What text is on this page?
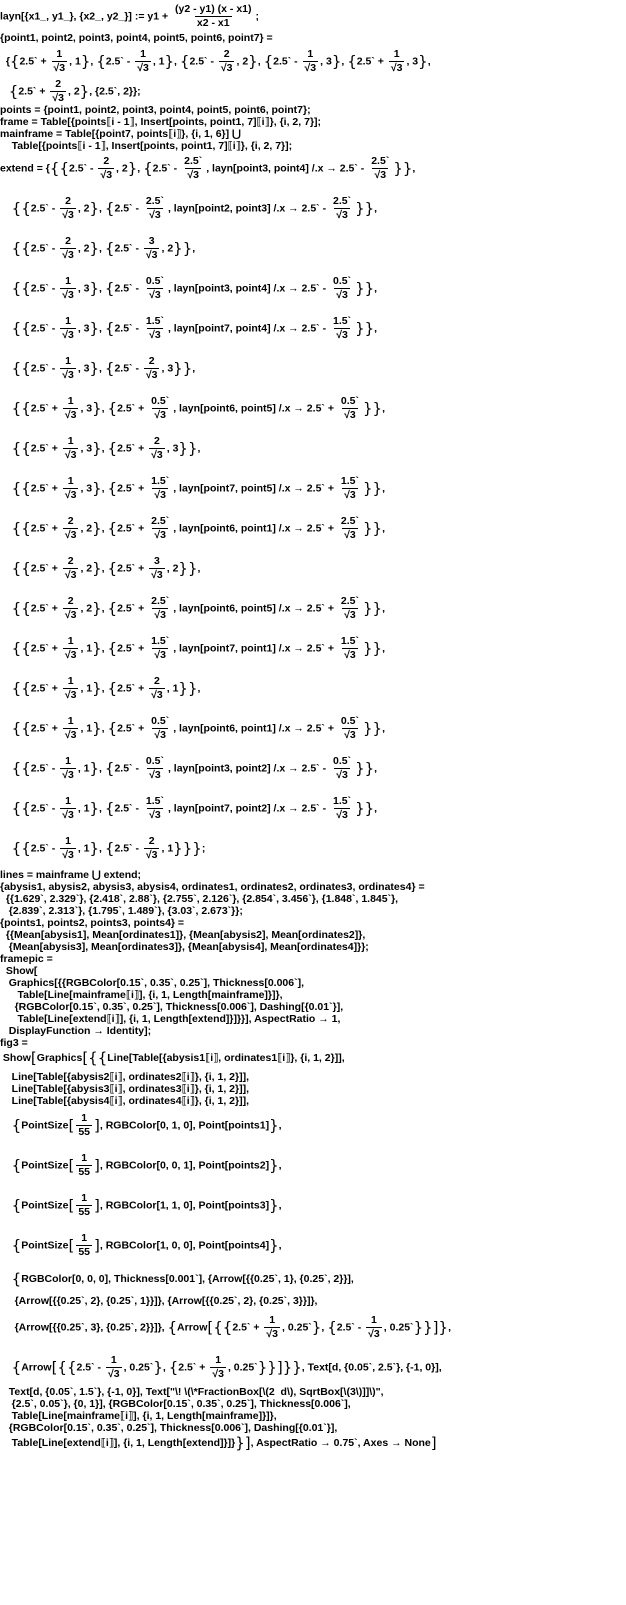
layn[{x1_, y1_}, {x2_, y2_}] := $y1 + \frac{(y2 - y1) (x - x1)}{x2 - x1}$ ;
{point1, point2, point3, point4, point5, point6, point7} =
{{2.5` + $\frac{1}{√3}$ , 1}, {2.5` - $\frac{1}{√3}$ , 1}, {2.5` - $\frac{2}{√3}$ , 2}, {2.5` - $\frac{1}{√3}$ , 3}, {2.5` + $\frac{1}{√3}$ , 3},
{2.5` + $\frac{2}{√3}$ , 2}, {2.5`, 2}};
points = {point1, point2, point3, point4, point5, point6, point7};
frame = Table[{points⟦i - 1⟧, Insert[points, point1, 7]⟦i⟧}, {i, 2, 7}];
mainframe = Table[{point7, points⟦i⟧}, {i, 1, 6}] ⋃
Table[{points⟦i - 1⟧, Insert[points, point1, 7]⟦i⟧}, {i, 2, 7}];
extend = {{{2.5` - $\frac{2}{√3}$ , 2}, {2.5` - $\frac{2.5`}{√3}$ , layn[point3, point4] /.x → 2.5` - $\frac{2.5`}{√3}$ }},
{{2.5` - $\frac{2}{√3}$ , 2}, {2.5` - $\frac{2.5`}{√3}$ , layn[point2, point3] /.x → 2.5` - $\frac{2.5`}{√3}$ }},
{{2.5` - $\frac{2}{√3}$ , 2}, {2.5` - $\frac{3}{√3}$ , 2}},
{{2.5` - $\frac{1}{√3}$ , 3}, {2.5` - $\frac{0.5`}{√3}$ , layn[point3, point4] /.x → 2.5` - $\frac{0.5`}{√3}$ }},
{{2.5` - $\frac{1}{√3}$ , 3}, {2.5` - $\frac{1.5`}{√3}$ , layn[point7, point4] /.x → 2.5` - $\frac{1.5`}{√3}$ }},
{{2.5` - $\frac{1}{√3}$ , 3}, {2.5` - $\frac{2}{√3}$ , 3}},
{{2.5` + $\frac{1}{√3}$ , 3}, {2.5` + $\frac{0.5`}{√3}$ , layn[point6, point5] /.x → 2.5` + $\frac{0.5`}{√3}$ }},
{{2.5` + $\frac{1}{√3}$ , 3}, {2.5` + $\frac{2}{√3}$ , 3}},
{{2.5` + $\frac{1}{√3}$ , 3}, {2.5` + $\frac{1.5`}{√3}$ , layn[point7, point5] /.x → 2.5` + $\frac{1.5`}{√3}$ }},
{{2.5` + $\frac{2}{√3}$ , 2}, {2.5` + $\frac{2.5`}{√3}$ , layn[point6, point1] /.x → 2.5` + $\frac{2.5`}{√3}$ }},
{{2.5` + $\frac{2}{√3}$ , 2}, {2.5` + $\frac{3}{√3}$ , 2}},
{{2.5` + $\frac{2}{√3}$ , 2}, {2.5` + $\frac{2.5`}{√3}$ , layn[point6, point5] /.x → 2.5` + $\frac{2.5`}{√3}$ }},
{{2.5` + $\frac{1}{√3}$ , 1}, {2.5` + $\frac{1.5`}{√3}$ , layn[point7, point1] /.x → 2.5` + $\frac{1.5`}{√3}$ }},
{{2.5` + $\frac{1}{√3}$ , 1}, {2.5` + $\frac{2}{√3}$ , 1}},
{{2.5` + $\frac{1}{√3}$ , 1}, {2.5` + $\frac{0.5`}{√3}$ , layn[point6, point1] /.x → 2.5` + $\frac{0.5`}{√3}$ }},
{{2.5` - $\frac{1}{√3}$ , 1}, {2.5` - $\frac{0.5`}{√3}$ , layn[point3, point2] /.x → 2.5` - $\frac{0.5`}{√3}$ }},
{{2.5` - $\frac{1}{√3}$ , 1}, {2.5` - $\frac{1.5`}{√3}$ , layn[point7, point2] /.x → 2.5` - $\frac{1.5`}{√3}$ }},
{{2.5` - $\frac{1}{√3}$ , 1}, {2.5` - $\frac{2}{√3}$ , 1}}};
lines = mainframe ⋃ extend;
{abysis1, abysis2, abysis3, abysis4, ordinates1, ordinates2, ordinates3, ordinates4} =
{{1.629`, 2.329`}, {2.418`, 2.88`}, {2.755`, 2.126`}, {2.854`, 3.456`}, {1.848`, 1.845`},
{2.839`, 2.313`}, {1.795`, 1.489`}, {3.03`, 2.673`}};
{points1, points2, points3, points4} =
{{Mean[abysis1], Mean[ordinates1]}, {Mean[abysis2], Mean[ordinates2]},
{Mean[abysis3], Mean[ordinates3]}, {Mean[abysis4], Mean[ordinates4]}};
framepic =
Show[
Graphics[{{RGBColor[0.15`, 0.35`, 0.25`], Thickness[0.006`],
Table[Line[mainframe⟦i⟧], {i, 1, Length[mainframe]}]},
{RGBColor[0.15`, 0.35`, 0.25`], Thickness[0.006`], Dashing[{0.01`}],
Table[Line[extend⟦i⟧], {i, 1, Length[extend]}]}}], AspectRatio → 1,
DisplayFunction → Identity];
fig3 =
Show[Graphics[{{Line[Table[{abysis1⟦i⟧, ordinates1⟦i⟧}, {i, 1, 2}]],
Line[Table[{abysis2⟦i⟧, ordinates2⟦i⟧}, {i, 1, 2}]],
Line[Table[{abysis3⟦i⟧, ordinates3⟦i⟧}, {i, 1, 2}]],
Line[Table[{abysis4⟦i⟧, ordinates4⟦i⟧}, {i, 1, 2}]],
{PointSize[ $\frac{1}{55}$ ], RGBColor[0, 1, 0], Point[points1]},
{PointSize[ $\frac{1}{55}$ ], RGBColor[0, 0, 1], Point[points2]},
{PointSize[ $\frac{1}{55}$ ], RGBColor[1, 1, 0], Point[points3]},
{PointSize[ $\frac{1}{55}$ ], RGBColor[1, 0, 0], Point[points4]},
{RGBColor[0, 0, 0], Thickness[0.001`], {Arrow[{{0.25`, 1}, {0.25`, 2}}],
{Arrow[{{0.25`, 2}, {0.25`, 1}}]}, {Arrow[{{0.25`, 2}, {0.25`, 3}}]},
{Arrow[{{0.25`, 3}, {0.25`, 2}}]}, {Arrow[{{2.5` + $\frac{1}{√3}$ , 0.25`}, {2.5` - $\frac{1}{√3}$ , 0.25`}}]},
{Arrow[{{2.5` - $\frac{1}{√3}$ , 0.25`}, {2.5` + $\frac{1}{√3}$ , 0.25`}}]}}, Text[d, {0.05`, 2.5`}, {-1, 0}],
Text[d, {0.05`, 1.5`}, {-1, 0}], Text["\! \(\*FractionBox[\(2  d\), SqrtBox[\(3\)]]\)",
{2.5`, 0.05`}, {0, 1}], {RGBColor[0.15`, 0.35`, 0.25`], Thickness[0.006`],
Table[Line[mainframe⟦i⟧], {i, 1, Length[mainframe]}]},
{RGBColor[0.15`, 0.35`, 0.25`], Thickness[0.006`], Dashing[{0.01`}],
Table[Line[extend⟦i⟧], {i, 1, Length[extend]}]}}], AspectRatio → 0.75`, Axes → None]
